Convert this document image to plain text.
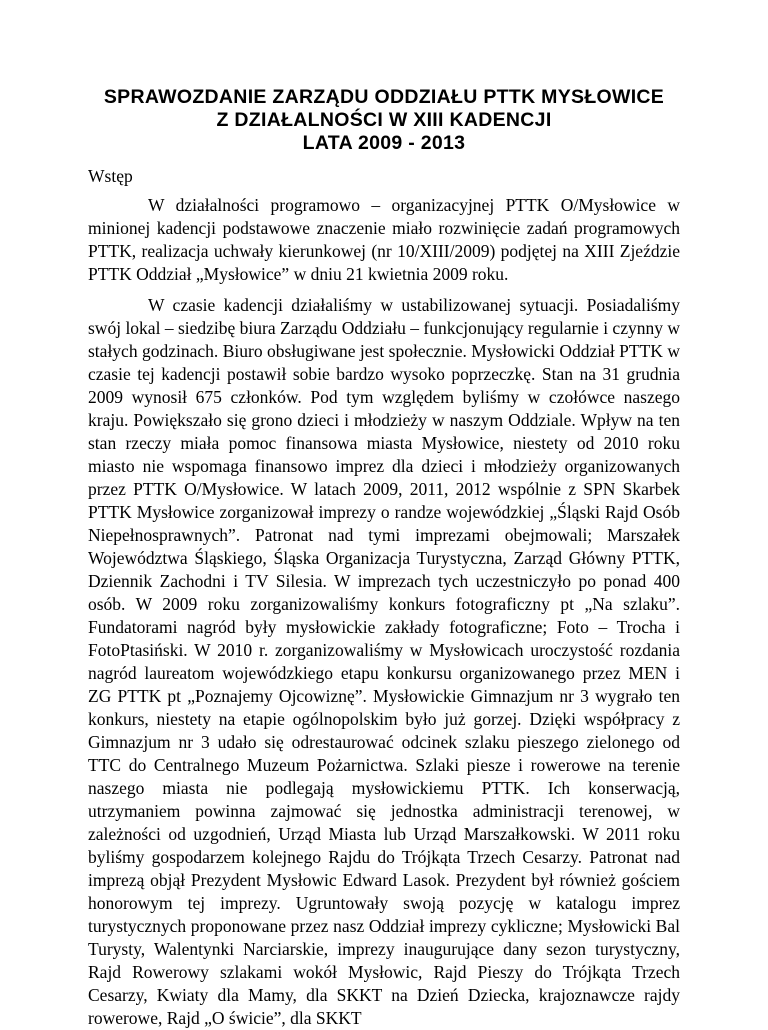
SPRAWOZDANIE ZARZĄDU ODDZIAŁU PTTK MYSŁOWICE
Z DZIAŁALNOŚCI W XIII KADENCJI
LATA 2009 - 2013
Wstęp

W działalności programowo – organizacyjnej PTTK O/Mysłowice w minionej kadencji podstawowe znaczenie miało rozwinięcie zadań programowych PTTK, realizacja uchwały kierunkowej (nr 10/XIII/2009) podjętej na XIII Zjeździe PTTK Oddział „Mysłowice” w dniu 21 kwietnia 2009 roku.

W czasie kadencji działaliśmy w ustabilizowanej sytuacji. Posiadaliśmy swój lokal – siedzibę biura Zarządu Oddziału – funkcjonujący regularnie i czynny w stałych godzinach. Biuro obsługiwane jest społecznie. Mysłowicki Oddział PTTK w czasie tej kadencji postawił sobie bardzo wysoko poprzeczkę. Stan na 31 grudnia 2009 wynosił 675 członków. Pod tym względem byliśmy w czołówce naszego kraju. Powiększało się grono dzieci i młodzieży w naszym Oddziale. Wpływ na ten stan rzeczy miała pomoc finansowa miasta Mysłowice, niestety od 2010 roku miasto nie wspomaga finansowo imprez dla dzieci i młodzieży organizowanych przez PTTK O/Mysłowice. W latach 2009, 2011, 2012 wspólnie z SPN Skarbek PTTK Mysłowice zorganizował imprezy o randze wojewódzkiej „Śląski Rajd Osób Niepełnosprawnych”. Patronat nad tymi imprezami obejmowali; Marszałek Województwa Śląskiego, Śląska Organizacja Turystyczna, Zarząd Główny PTTK, Dziennik Zachodni i TV Silesia. W imprezach tych uczestniczyło po ponad 400 osób. W 2009 roku zorganizowaliśmy konkurs fotograficzny pt „Na szlaku”. Fundatorami nagród były mysłowickie zakłady fotograficzne; Foto – Trocha i FotoPtasiński. W 2010 r. zorganizowaliśmy w Mysłowicach uroczystość rozdania nagród laureatom wojewódzkiego etapu konkursu organizowanego przez MEN i ZG PTTK pt „Poznajemy Ojcowiznę”. Mysłowickie Gimnazjum nr 3 wygrało ten konkurs, niestety na etapie ogólnopolskim było już gorzej. Dzięki współpracy z Gimnazjum nr 3 udało się odrestaurować odcinek szlaku pieszego zielonego od TTC do Centralnego Muzeum Pożarnictwa. Szlaki piesze i rowerowe na terenie naszego miasta nie podlegają mysłowickiemu PTTK. Ich konserwacją, utrzymaniem powinna zajmować się jednostka administracji terenowej, w zależności od uzgodnień, Urząd Miasta lub Urząd Marszałkowski. W 2011 roku byliśmy gospodarzem kolejnego Rajdu do Trójkąta Trzech Cesarzy. Patronat nad imprezą objął Prezydent Mysłowic Edward Lasok. Prezydent był również gościem honorowym tej imprezy. Ugruntowały swoją pozycję w katalogu imprez turystycznych proponowane przez nasz Oddział imprezy cykliczne; Mysłowicki Bal Turysty, Walentynki Narciarskie, imprezy inaugurujące dany sezon turystyczny, Rajd Rowerowy szlakami wokół Mysłowic, Rajd Pieszy do Trójkąta Trzech Cesarzy, Kwiaty dla Mamy, dla SKKT na Dzień Dziecka, krajoznawcze rajdy rowerowe, Rajd „O świcie”, dla SKKT
